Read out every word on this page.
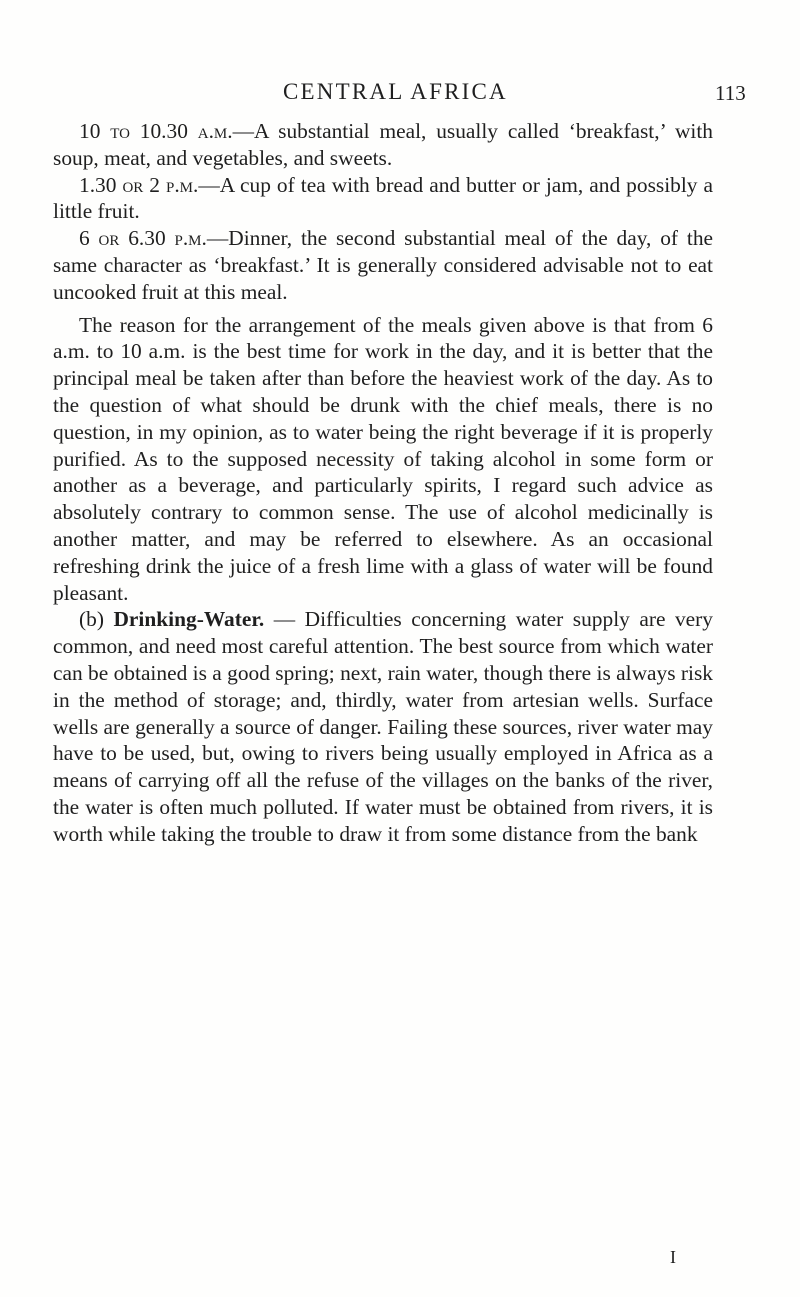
CENTRAL AFRICA	113

10 to 10.30 a.m.—A substantial meal, usually called ‘breakfast,’ with soup, meat, and vegetables, and sweets.

1.30 or 2 p.m.—A cup of tea with bread and butter or jam, and possibly a little fruit.

6 or 6.30 p.m.—Dinner, the second substantial meal of the day, of the same character as ‘breakfast.’ It is generally considered advisable not to eat uncooked fruit at this meal.

The reason for the arrangement of the meals given above is that from 6 a.m. to 10 a.m. is the best time for work in the day, and it is better that the principal meal be taken after than before the heaviest work of the day. As to the question of what should be drunk with the chief meals, there is no question, in my opinion, as to water being the right beverage if it is properly purified. As to the supposed necessity of taking alcohol in some form or another as a beverage, and particularly spirits, I regard such advice as absolutely contrary to common sense. The use of alcohol medicinally is another matter, and may be referred to elsewhere. As an occasional refreshing drink the juice of a fresh lime with a glass of water will be found pleasant.

(b) Drinking-Water. — Difficulties concerning water supply are very common, and need most careful attention. The best source from which water can be obtained is a good spring; next, rain water, though there is always risk in the method of storage; and, thirdly, water from artesian wells. Surface wells are generally a source of danger. Failing these sources, river water may have to be used, but, owing to rivers being usually employed in Africa as a means of carrying off all the refuse of the villages on the banks of the river, the water is often much polluted. If water must be obtained from rivers, it is worth while taking the trouble to draw it from some distance from the bank

I
